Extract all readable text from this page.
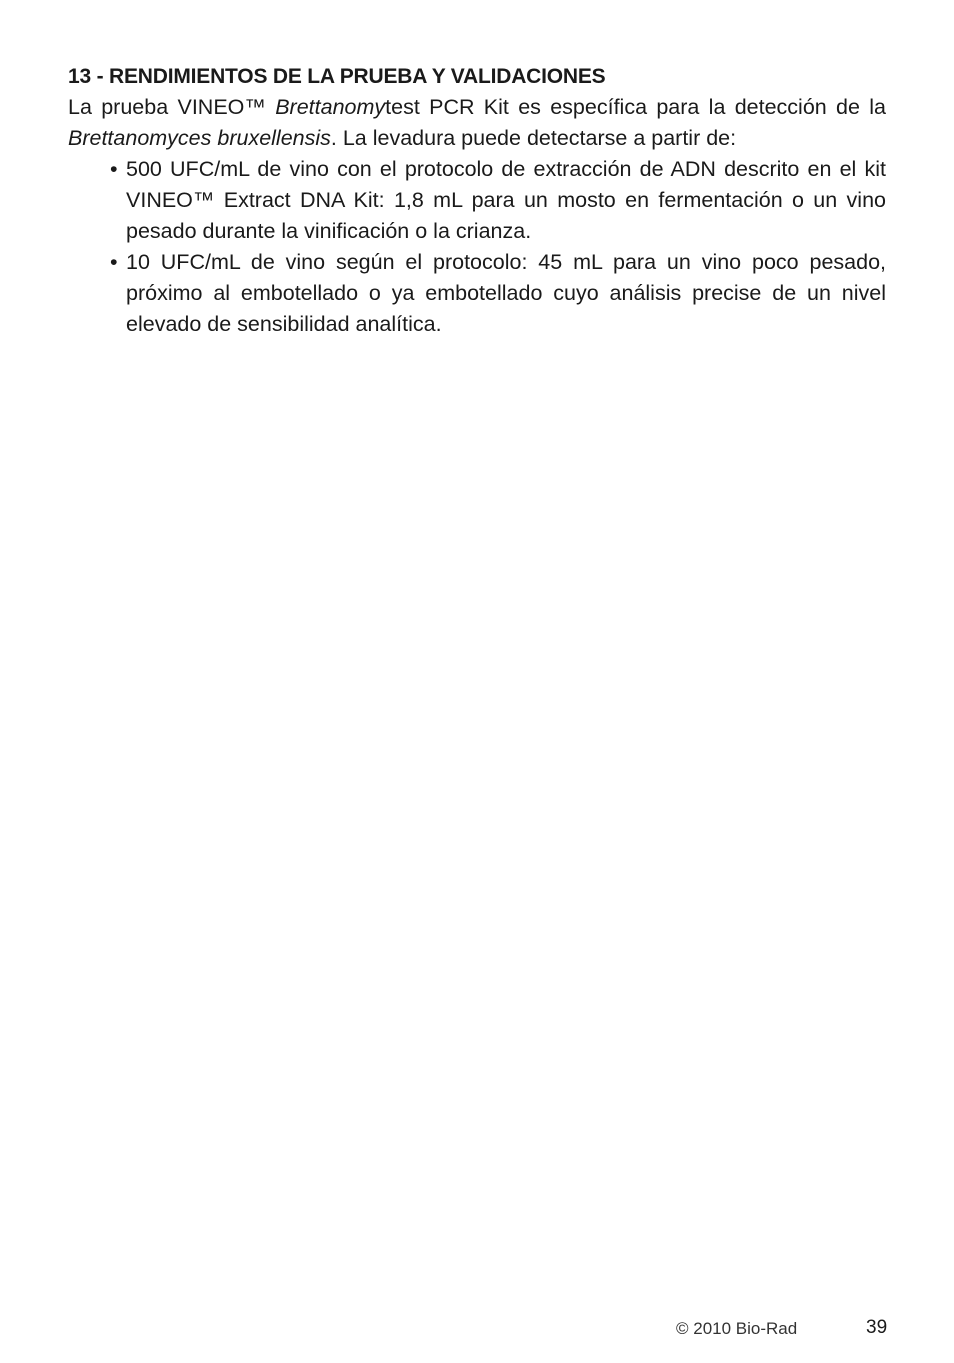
13 - RENDIMIENTOS DE LA PRUEBA Y VALIDACIONES

La prueba VINEO™ Brettanomytest PCR Kit es específica para la detección de la Brettanomyces bruxellensis. La levadura puede detectarse a partir de:

• 500 UFC/mL de vino con el protocolo de extracción de ADN descrito en el kit VINEO™ Extract DNA Kit: 1,8 mL para un mosto en fermentación o un vino pesado durante la vinificación o la crianza.
• 10 UFC/mL de vino según el protocolo: 45 mL para un vino poco pesado, próximo al embotellado o ya embotellado cuyo análisis precise de un nivel elevado de sensibilidad analítica.
© 2010 Bio-Rad	39
